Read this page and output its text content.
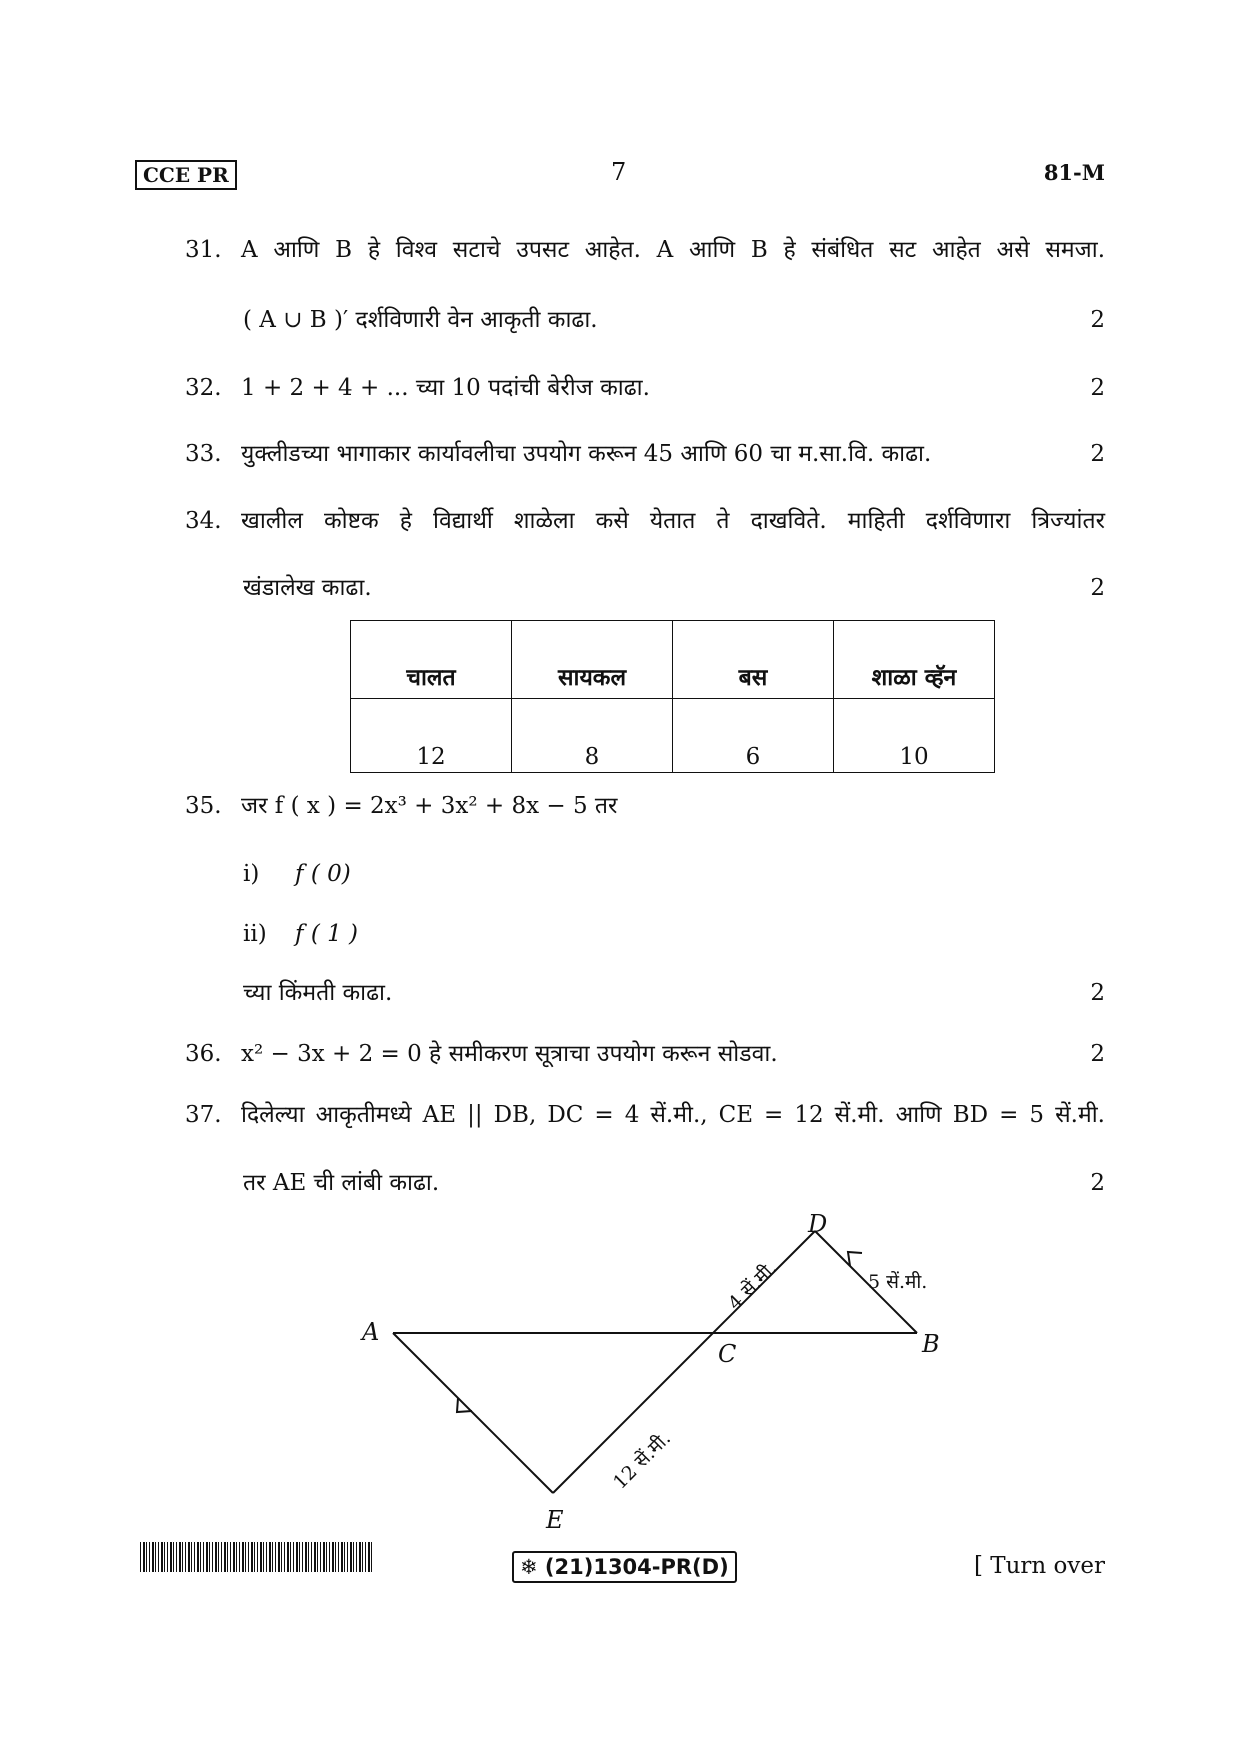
CCE PR	7	81-M
31. A आणि B हे विश्व सटाचे उपसट आहेत. A आणि B हे संबंधित सट आहेत असे समजा.
( A ∪ B )′ दर्शविणारी वेन आकृती काढा.	2
32. 1 + 2 + 4 + ... च्या 10 पदांची बेरीज काढा.	2
33. युक्लीडच्या भागाकार कार्यावलीचा उपयोग करून 45 आणि 60 चा म.सा.वि. काढा.	2
34. खालील कोष्टक हे विद्यार्थी शाळेला कसे येतात ते दाखविते. माहिती दर्शविणारा त्रिज्यांतर
खंडालेख काढा.	2
चालत	सायकल	बस	शाळा व्हॅन
12	8	6	10
35. जर f ( x ) = 2x³ + 3x² + 8x − 5 तर
i) f ( 0)
ii) f ( 1 )
च्या किंमती काढा.	2
36. x² − 3x + 2 = 0 हे समीकरण सूत्राचा उपयोग करून सोडवा.	2
37. दिलेल्या आकृतीमध्ये AE || DB, DC = 4 सें.मी., CE = 12 सें.मी. आणि BD = 5 सें.मी.
तर AE ची लांबी काढा.	2
A	B
C
D
E
4 सें.मी.	5 सें.मी.
12 सें.मी.
❄ (21)1304-PR(D)	[ Turn over
